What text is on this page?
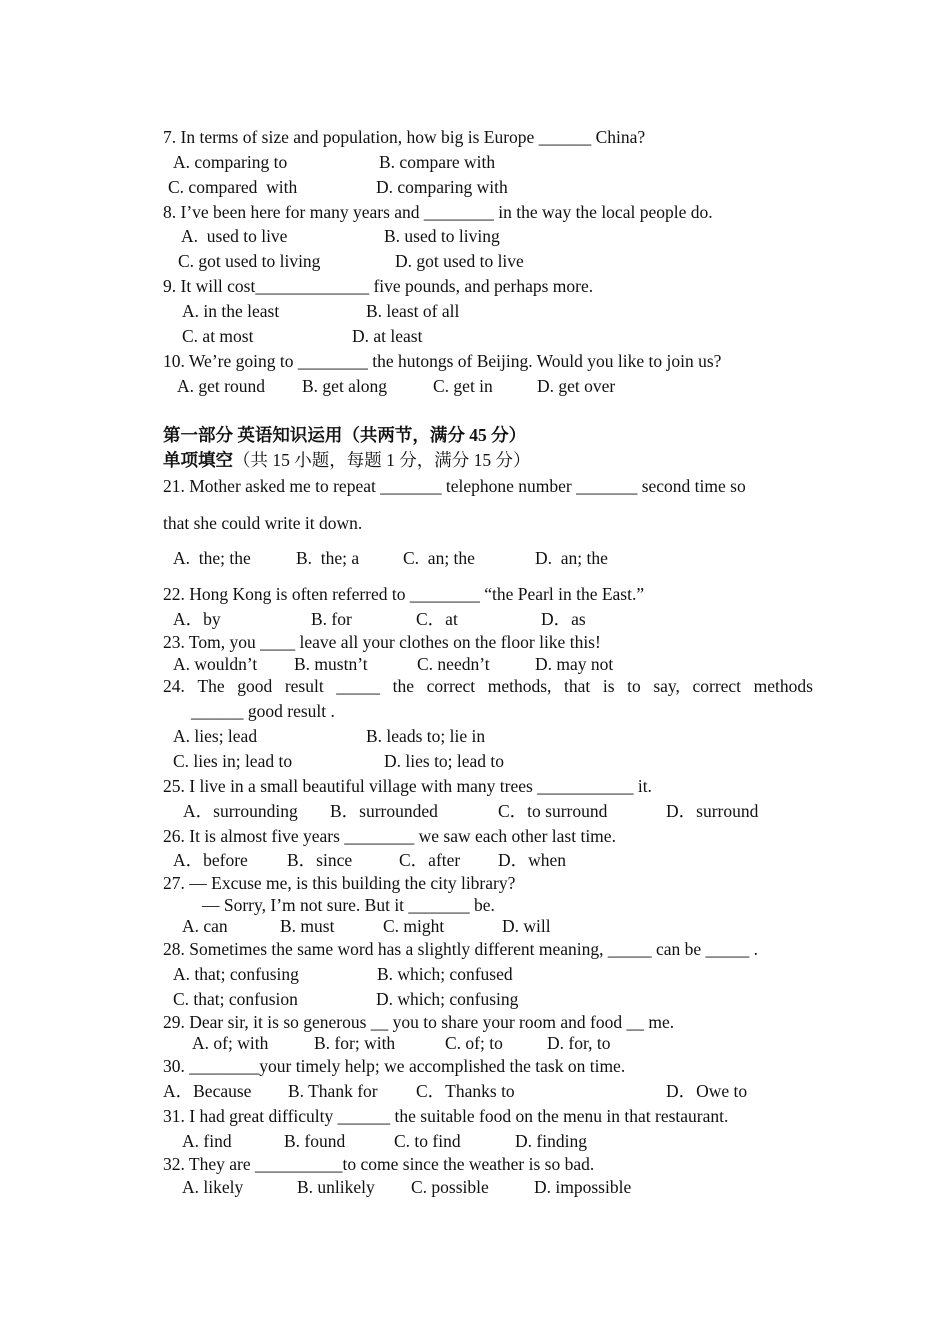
7. In terms of size and population, how big is Europe ______ China?
A. comparing to	B. compare with
C. compared  with	D. comparing with
8. I’ve been here for many years and ________ in the way the local people do.
A.  used to live	B. used to living
C. got used to living	D. got used to live
9. It will cost_____________ five pounds, and perhaps more.
A. in the least	B. least of all
C. at most	D. at least
10. We’re going to ________ the hutongs of Beijing. Would you like to join us?
A. get round B. get along	C. get in	D. get over
第一部分 英语知识运用（共两节，满分 45 分）
单项填空（共 15 小题，每题 1 分，满分 15 分）
21. Mother asked me to repeat _______ telephone number _______ second time so
that she could write it down.
A.  the; the	B.  the; a	C.  an; the	D.  an; the
22. Hong Kong is often referred to ________ “the Pearl in the East.”
A．by	B. for	C．at	D．as
23. Tom, you ____ leave all your clothes on the floor like this!
A. wouldn’t B. mustn’t	C. needn’t	D. may not
24. The good result _____ the correct methods, that is to say, correct methods
______ good result .
A. lies; lead	B. leads to; lie in
C. lies in; lead to	D. lies to; lead to
25. I live in a small beautiful village with many trees ___________ it.
A．surrounding B．surrounded	C．to surround	D．surround
26. It is almost five years ________ we saw each other last time.
A．before B．since	C．after D．when
27. — Excuse me, is this building the city library?
— Sorry, I’m not sure. But it _______ be.
A. can	B. must	C. might	D. will
28. Sometimes the same word has a slightly different meaning, _____ can be _____ .
A. that; confusing	B. which; confused
C. that; confusion	D. which; confusing
29. Dear sir, it is so generous __ you to share your room and food __ me.
A. of; with	B. for; with	C. of; to	D. for, to
30. ________your timely help; we accomplished the task on time.
A．Because B. Thank for C．Thanks to	D．Owe to
31. I had great difficulty ______ the suitable food on the menu in that restaurant.
A. find	B. found	C. to find	D. finding
32. They are __________to come since the weather is so bad.
A. likely	B. unlikely C. possible	D. impossible
